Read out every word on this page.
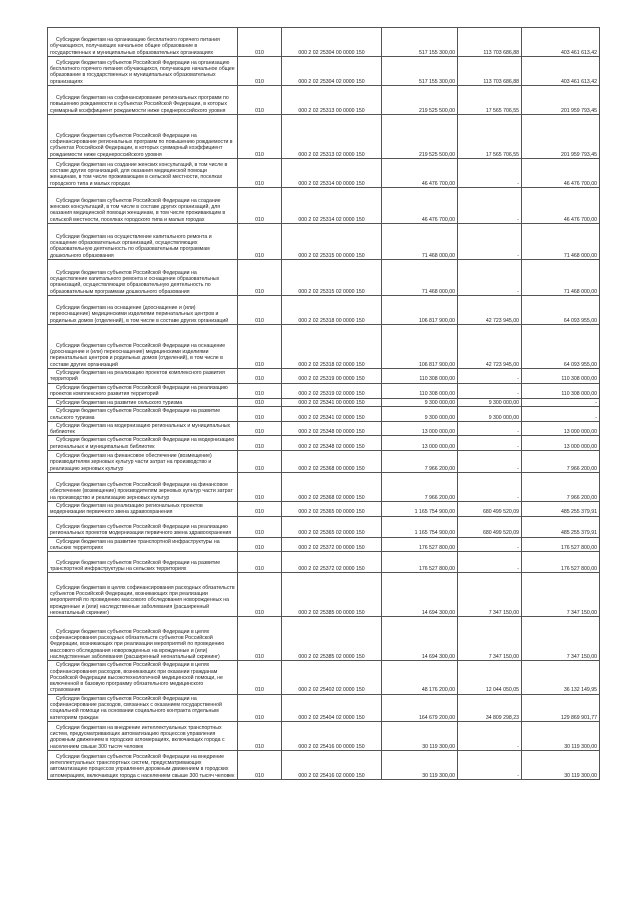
Субсидии бюджетам на организацию бесплатного горячего питания обучающихся, получающих начальное общее образование в государственных и муниципальных образовательных организациях	010	000 2 02 25304 00 0000 150	517 155 300,00	113 703 686,88	403 461 613,42
Субсидии бюджетам субъектов Российской Федерации на организацию бесплатного горячего питания обучающихся, получающих начальное общее образование в государственных и муниципальных образовательных организациях	010	000 2 02 25304 02 0000 150	517 155 300,00	113 703 686,88	403 461 613,42
Субсидии бюджетам на софинансирование региональных программ по повышению рождаемости в субъектах Российской Федерации, в которых суммарный коэффициент рождаемости ниже среднероссийского уровня	010	000 2 02 25313 00 0000 150	219 525 500,00	17 565 706,55	201 959 793,45
Субсидии бюджетам субъектов Российской Федерации на софинансирование региональных программ по повышению рождаемости в субъектах Российской Федерации, в которых суммарный коэффициент рождаемости ниже среднероссийского уровня	010	000 2 02 25313 02 0000 150	219 525 500,00	17 565 706,55	201 959 793,45
Субсидии бюджетам на создание женских консультаций, в том числе в составе других организаций, для оказания медицинской помощи женщинам, в том числе проживающим в сельской местности, поселках городского типа и малых городах	010	000 2 02 25314 00 0000 150	46 476 700,00	-	46 476 700,00
Субсидии бюджетам субъектов Российской Федерации на создание женских консультаций, в том числе в составе других организаций, для оказания медицинской помощи женщинам, в том числе проживающим в сельской местности, поселках городского типа и малых городах	010	000 2 02 25314 02 0000 150	46 476 700,00	-	46 476 700,00
Субсидии бюджетам на осуществление капитального ремонта и оснащение образовательных организаций, осуществляющих образовательную деятельность по образовательным программам дошкольного образования	010	000 2 02 25315 00 0000 150	71 468 000,00	-	71 468 000,00
Субсидии бюджетам субъектов Российской Федерации на осуществление капитального ремонта и оснащение образовательных организаций, осуществляющих образовательную деятельность по образовательным программам дошкольного образования	010	000 2 02 25315 02 0000 150	71 468 000,00	-	71 468 000,00
Субсидии бюджетам на оснащение (дооснащение и (или) переоснащение) медицинскими изделиями перинатальных центров и родильных домов (отделений), в том числе в составе других организаций	010	000 2 02 25318 00 0000 150	106 817 900,00	42 723 945,00	64 093 955,00
Субсидии бюджетам субъектов Российской Федерации на оснащение (дооснащение и (или) переоснащение) медицинскими изделиями перинатальных центров и родильных домов (отделений), в том числе в составе других организаций	010	000 2 02 25318 02 0000 150	106 817 900,00	42 723 945,00	64 093 955,00
Субсидии бюджетам на реализацию проектов комплексного развития территорий	010	000 2 02 25319 00 0000 150	110 308 000,00	-	110 308 000,00
Субсидии бюджетам субъектов Российской Федерации на реализацию проектов комплексного развития территорий	010	000 2 02 25319 02 0000 150	110 308 000,00	-	110 308 000,00
Субсидии бюджетам на развитие сельского туризма	010	000 2 02 25341 00 0000 150	9 300 000,00	9 300 000,00	-
Субсидии бюджетам субъектов Российской Федерации на развитие сельского туризма	010	000 2 02 25341 02 0000 150	9 300 000,00	9 300 000,00	-
Субсидии бюджетам на модернизацию региональных и муниципальных библиотек	010	000 2 02 25348 00 0000 150	13 000 000,00	-	13 000 000,00
Субсидии бюджетам субъектов Российской Федерации на модернизацию региональных и муниципальных библиотек	010	000 2 02 25348 02 0000 150	13 000 000,00	-	13 000 000,00
Субсидии бюджетам на финансовое обеспечение (возмещение) производителям зерновых культур части затрат на производство и реализацию зерновых культур	010	000 2 02 25368 00 0000 150	7 966 200,00	-	7 966 200,00
Субсидии бюджетам субъектов Российской Федерации на финансовое обеспечение (возмещение) производителям зерновых культур части затрат на производство и реализацию зерновых культур	010	000 2 02 25368 02 0000 150	7 966 200,00	-	7 966 200,00
Субсидии бюджетам на реализацию региональных проектов модернизации первичного звена здравоохранения	010	000 2 02 25365 00 0000 150	1 165 754 900,00	680 499 520,09	485 255 379,91
Субсидии бюджетам субъектов Российской Федерации на реализацию региональных проектов модернизации первичного звена здравоохранения	010	000 2 02 25365 02 0000 150	1 165 754 900,00	680 499 520,09	485 255 379,91
Субсидии бюджетам на развитие транспортной инфраструктуры на сельских территориях	010	000 2 02 25372 00 0000 150	176 527 800,00	-	176 527 800,00
Субсидии бюджетам субъектов Российской Федерации на развитие транспортной инфраструктуры на сельских территориях	010	000 2 02 25372 02 0000 150	176 527 800,00	-	176 527 800,00
Субсидии бюджетам в целях софинансирования расходных обязательств субъектов Российской Федерации, возникающих при реализации мероприятий по проведению массового обследования новорожденных на врожденные и (или) наследственные заболевания (расширенный неонатальный скрининг)	010	000 2 02 25385 00 0000 150	14 694 300,00	7 347 150,00	7 347 150,00
Субсидии бюджетам субъектов Российской Федерации в целях софинансирования расходных обязательств субъектов Российской Федерации, возникающих при реализации мероприятий по проведению массового обследования новорожденных на врожденные и (или) наследственные заболевания (расширенный неонатальный скрининг)	010	000 2 02 25385 02 0000 150	14 694 300,00	7 347 150,00	7 347 150,00
Субсидии бюджетам субъектов Российской Федерации в целях софинансирования расходов, возникающих при оказании гражданам Российской Федерации высокотехнологичной медицинской помощи, не включенной в базовую программу обязательного медицинского страхования	010	000 2 02 25402 02 0000 150	48 176 200,00	12 044 050,05	36 132 149,95
Субсидии бюджетам субъектов Российской Федерации на софинансирование расходов, связанных с оказанием государственной социальной помощи на основании социального контракта отдельным категориям граждан	010	000 2 02 25404 02 0000 150	164 679 200,00	34 809 298,23	129 869 901,77
Субсидии бюджетам на внедрение интеллектуальных транспортных систем, предусматривающих автоматизацию процессов управления дорожным движением в городских агломерациях, включающих города с населением свыше 300 тысяч человек	010	000 2 02 25416 00 0000 150	30 119 300,00	-	30 119 300,00
Субсидии бюджетам субъектов Российской Федерации на внедрение интеллектуальных транспортных систем, предусматривающих автоматизацию процессов управления дорожным движением в городских агломерациях, включающих города с населением свыше 300 тысяч человек	010	000 2 02 25416 02 0000 150	30 119 300,00	-	30 119 300,00
